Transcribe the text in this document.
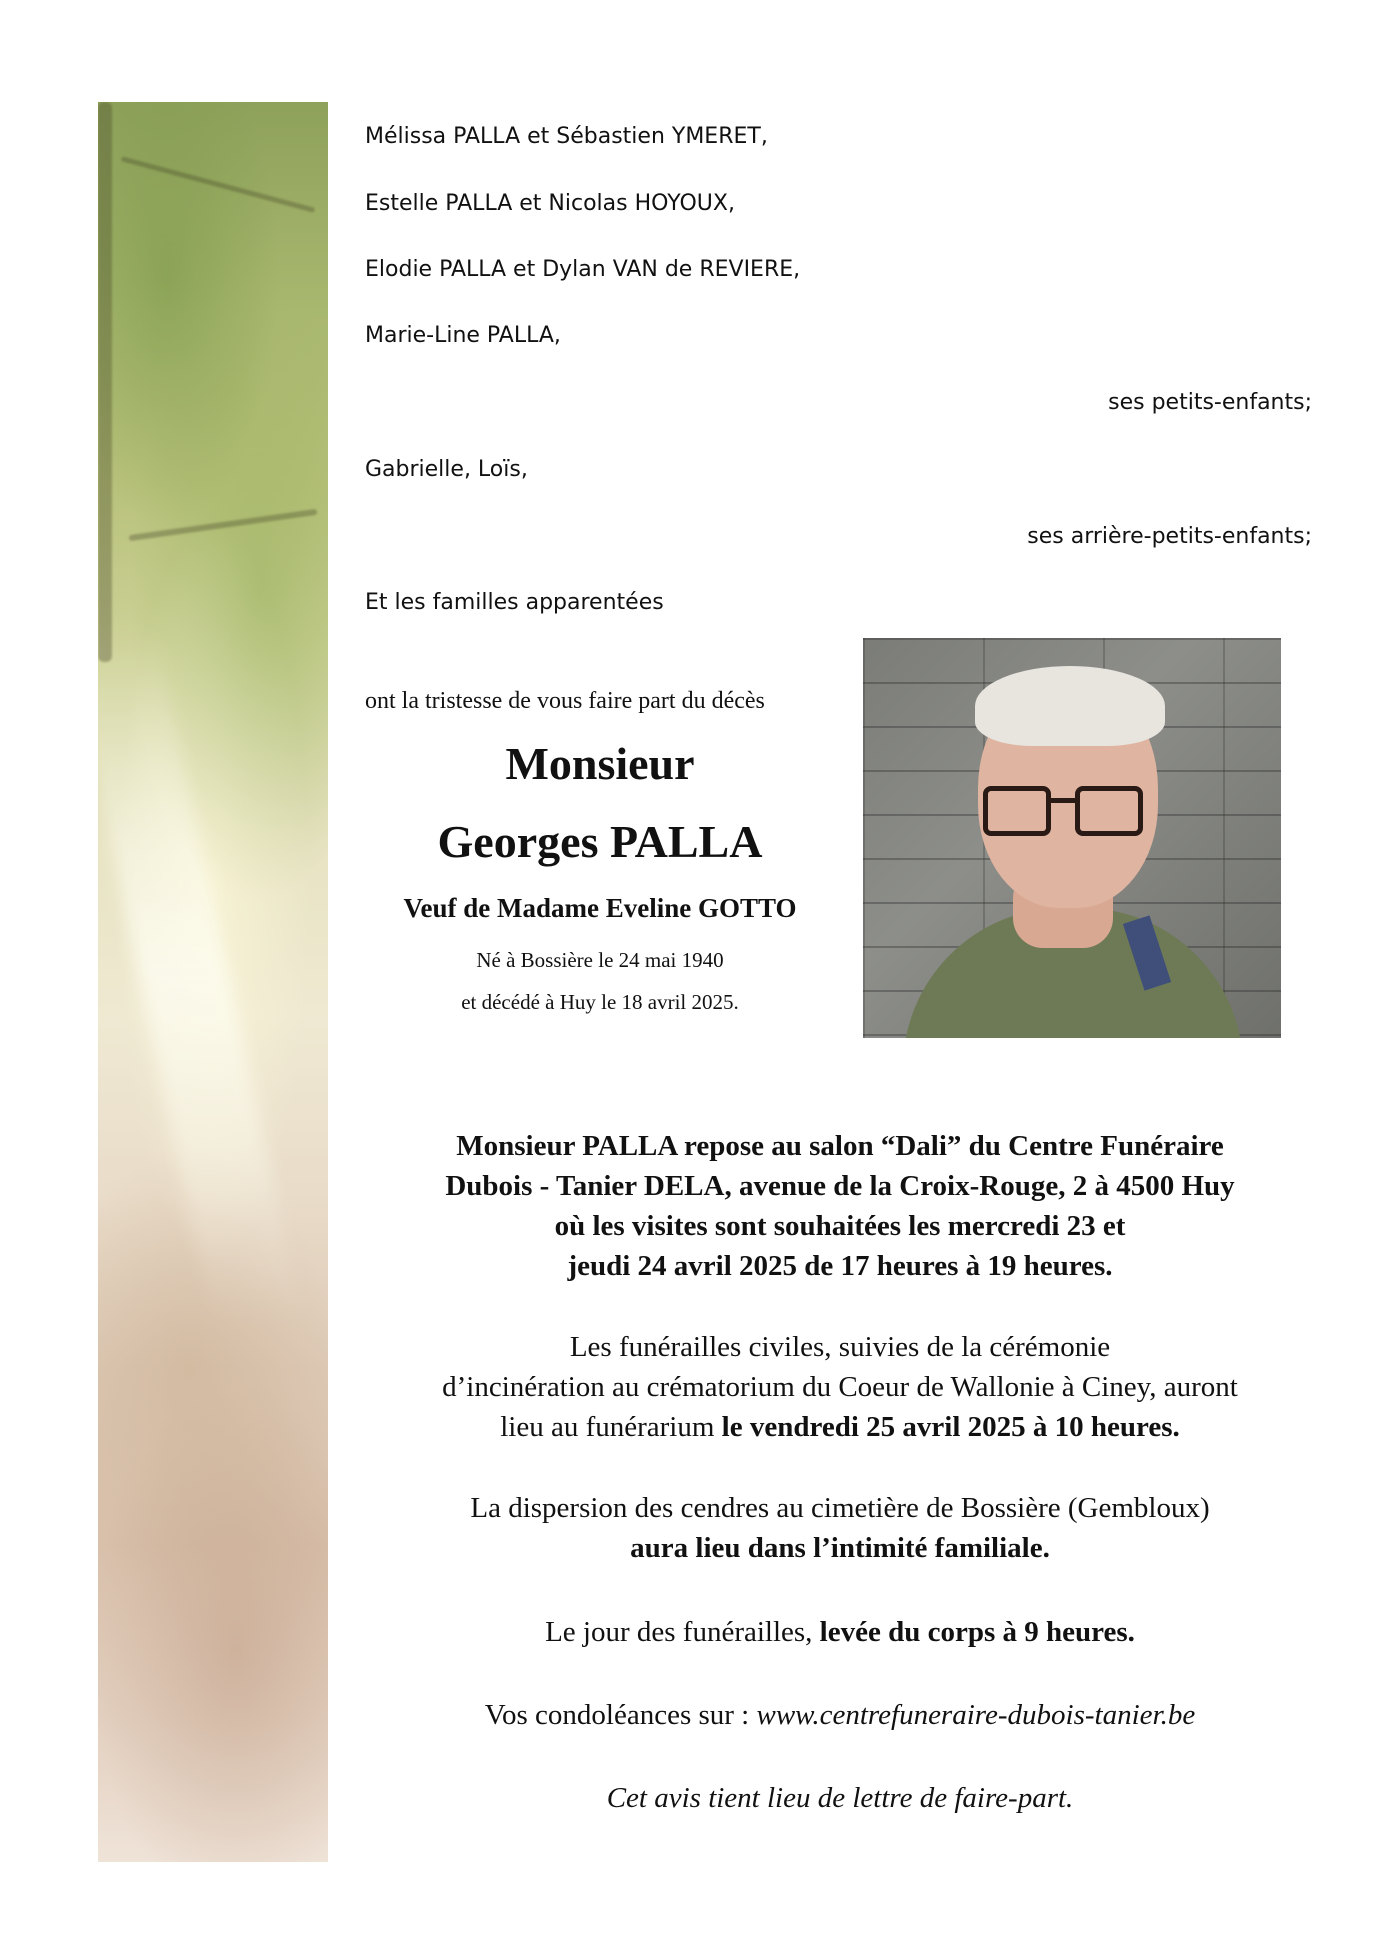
Mélissa PALLA et Sébastien YMERET,
Estelle PALLA et Nicolas HOYOUX,
Elodie PALLA et Dylan VAN de REVIERE,
Marie-Line PALLA,
ses petits-enfants;
Gabrielle, Loïs,
ses arrière-petits-enfants;
Et les familles apparentées
ont la tristesse de vous faire part du décès
Monsieur
Georges PALLA
Veuf de Madame Eveline GOTTO
Né à Bossière le 24 mai 1940
et décédé à Huy le 18 avril 2025.
Monsieur PALLA repose au salon “Dali” du Centre Funéraire
Dubois - Tanier DELA, avenue de la Croix-Rouge, 2 à 4500 Huy
où les visites sont souhaitées les mercredi 23 et
jeudi 24 avril 2025 de 17 heures à 19 heures.
Les funérailles civiles, suivies de la cérémonie
d’incinération au crématorium du Coeur de Wallonie à Ciney, auront
lieu au funérarium le vendredi 25 avril 2025 à 10 heures.
La dispersion des cendres au cimetière de Bossière (Gembloux)
aura lieu dans l’intimité familiale.
Le jour des funérailles, levée du corps à 9 heures.
Vos condoléances sur : www.centrefuneraire-dubois-tanier.be
Cet avis tient lieu de lettre de faire-part.
